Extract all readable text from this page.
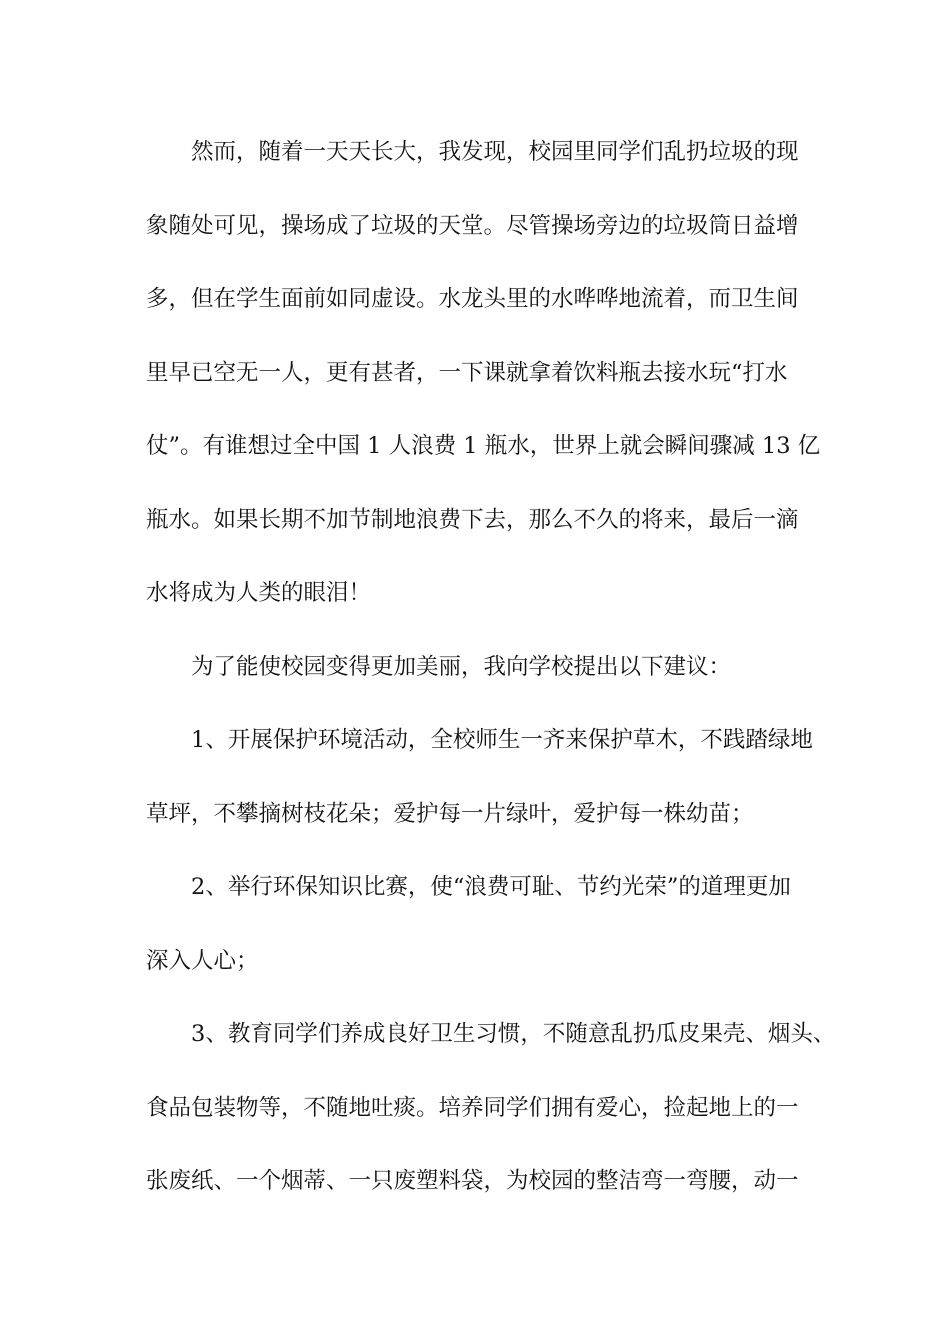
然而，随着一天天长大，我发现，校园里同学们乱扔垃圾的现
象随处可见，操场成了垃圾的天堂。尽管操场旁边的垃圾筒日益增
多，但在学生面前如同虚设。水龙头里的水哗哗地流着，而卫生间
里早已空无一人，更有甚者，一下课就拿着饮料瓶去接水玩“打水
仗”。有谁想过全中国 1 人浪费 1 瓶水，世界上就会瞬间骤减 13 亿
瓶水。如果长期不加节制地浪费下去，那么不久的将来，最后一滴
水将成为人类的眼泪！
为了能使校园变得更加美丽，我向学校提出以下建议：
1、开展保护环境活动，全校师生一齐来保护草木，不践踏绿地
草坪，不攀摘树枝花朵；爱护每一片绿叶，爱护每一株幼苗；
2、举行环保知识比赛，使“浪费可耻、节约光荣”的道理更加
深入人心；
3、教育同学们养成良好卫生习惯，不随意乱扔瓜皮果壳、烟头、
食品包装物等，不随地吐痰。培养同学们拥有爱心，捡起地上的一
张废纸、一个烟蒂、一只废塑料袋，为校园的整洁弯一弯腰，动一
